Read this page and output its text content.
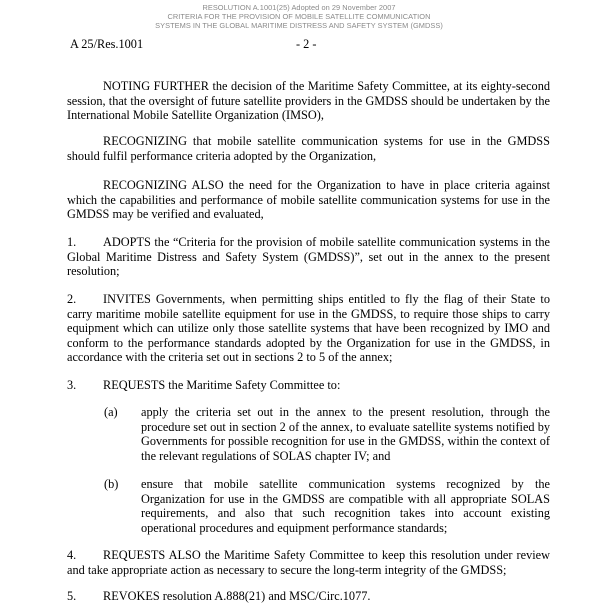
RESOLUTION A.1001(25) Adopted on 29 November 2007
CRITERIA FOR THE PROVISION OF MOBILE SATELLITE COMMUNICATION
SYSTEMS IN THE GLOBAL MARITIME DISTRESS AND SAFETY SYSTEM (GMDSS)
A 25/Res.1001	- 2 -
NOTING FURTHER the decision of the Maritime Safety Committee, at its eighty-second session, that the oversight of future satellite providers in the GMDSS should be undertaken by the International Mobile Satellite Organization (IMSO),
RECOGNIZING that mobile satellite communication systems for use in the GMDSS should fulfil performance criteria adopted by the Organization,
RECOGNIZING ALSO the need for the Organization to have in place criteria against which the capabilities and performance of mobile satellite communication systems for use in the GMDSS may be verified and evaluated,
1. ADOPTS the “Criteria for the provision of mobile satellite communication systems in the Global Maritime Distress and Safety System (GMDSS)”, set out in the annex to the present resolution;
2. INVITES Governments, when permitting ships entitled to fly the flag of their State to carry maritime mobile satellite equipment for use in the GMDSS, to require those ships to carry equipment which can utilize only those satellite systems that have been recognized by IMO and conform to the performance standards adopted by the Organization for use in the GMDSS, in accordance with the criteria set out in sections 2 to 5 of the annex;
3. REQUESTS the Maritime Safety Committee to:
(a) apply the criteria set out in the annex to the present resolution, through the procedure set out in section 2 of the annex, to evaluate satellite systems notified by Governments for possible recognition for use in the GMDSS, within the context of the relevant regulations of SOLAS chapter IV; and
(b) ensure that mobile satellite communication systems recognized by the Organization for use in the GMDSS are compatible with all appropriate SOLAS requirements, and also that such recognition takes into account existing operational procedures and equipment performance standards;
4. REQUESTS ALSO the Maritime Safety Committee to keep this resolution under review and take appropriate action as necessary to secure the long-term integrity of the GMDSS;
5. REVOKES resolution A.888(21) and MSC/Circ.1077.
